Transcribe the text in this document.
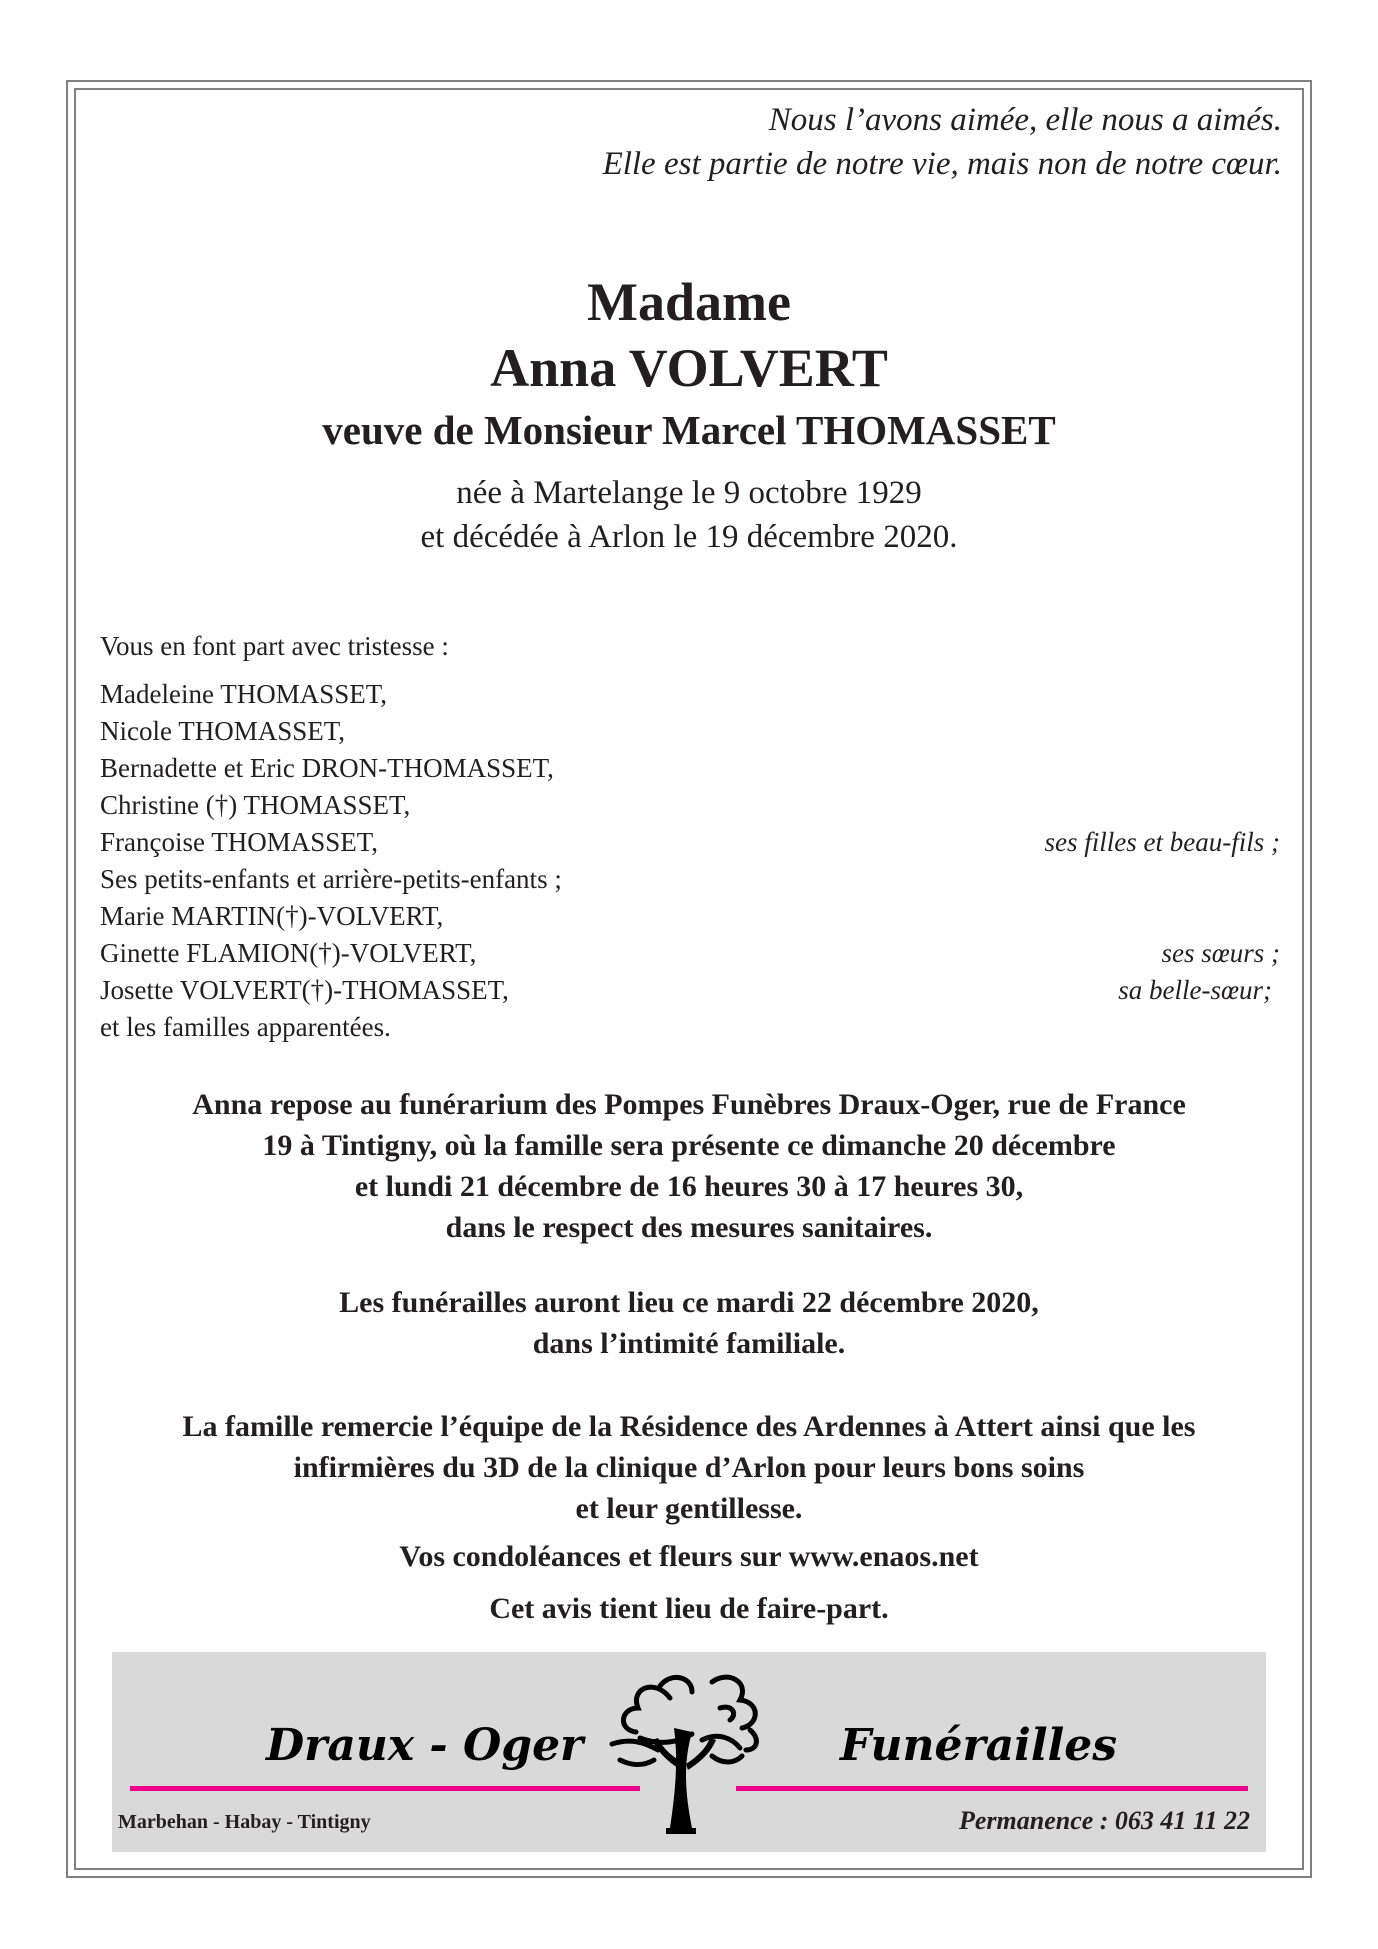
Nous l’avons aimée, elle nous a aimés.
Elle est partie de notre vie, mais non de notre cœur.
Madame
Anna VOLVERT
veuve de Monsieur Marcel THOMASSET
née à Martelange le 9 octobre 1929
et décédée à Arlon le 19 décembre 2020.
Vous en font part avec tristesse :
Madeleine THOMASSET,
Nicole THOMASSET,
Bernadette et Eric DRON-THOMASSET,
Christine (†) THOMASSET,
Françoise THOMASSET,	ses filles et beau-fils ;
Ses petits-enfants et arrière-petits-enfants ;
Marie MARTIN(†)-VOLVERT,
Ginette FLAMION(†)-VOLVERT,	ses sœurs ;
Josette VOLVERT(†)-THOMASSET,	sa belle-sœur;
et les familles apparentées.
Anna repose au funérarium des Pompes Funèbres Draux-Oger, rue de France
19 à Tintigny, où la famille sera présente ce dimanche 20 décembre
et lundi 21 décembre de 16 heures 30 à 17 heures 30,
dans le respect des mesures sanitaires.
Les funérailles auront lieu ce mardi 22 décembre 2020,
dans l’intimité familiale.
La famille remercie l’équipe de la Résidence des Ardennes à Attert ainsi que les
infirmières du 3D de la clinique d’Arlon pour leurs bons soins
et leur gentillesse.
Vos condoléances et fleurs sur www.enaos.net
Cet avis tient lieu de faire-part.
Draux - Oger	Funérailles
Marbehan - Habay - Tintigny	Permanence : 063 41 11 22
